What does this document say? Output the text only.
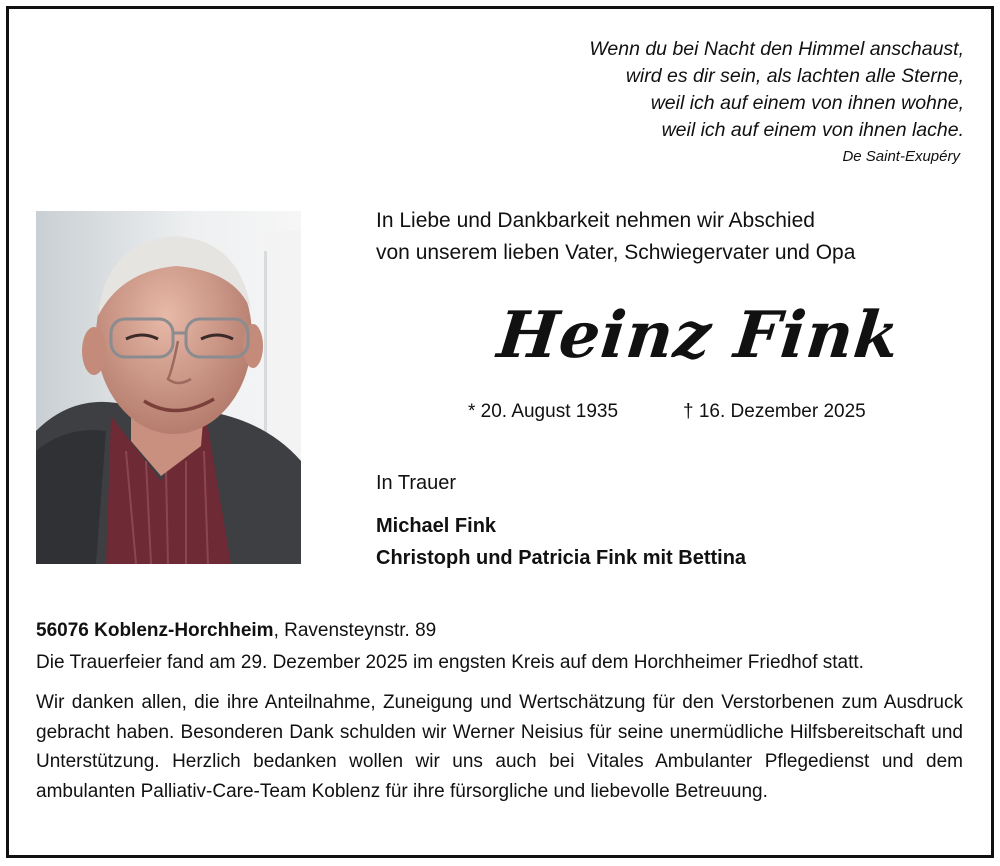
Wenn du bei Nacht den Himmel anschaust,
wird es dir sein, als lachten alle Sterne,
weil ich auf einem von ihnen wohne,
weil ich auf einem von ihnen lache.
De Saint-Exupéry
In Liebe und Dankbarkeit nehmen wir Abschied
von unserem lieben Vater, Schwiegervater und Opa
Heinz Fink
* 20. August 1935	† 16. Dezember 2025
In Trauer
Michael Fink
Christoph und Patricia Fink mit Bettina
56076 Koblenz-Horchheim, Ravensteynstr. 89
Die Trauerfeier fand am 29. Dezember 2025 im engsten Kreis auf dem Horchheimer Friedhof statt.
Wir danken allen, die ihre Anteilnahme, Zuneigung und Wertschätzung für den Verstorbenen zum Ausdruck gebracht haben. Besonderen Dank schulden wir Werner Neisius für seine unermüdliche Hilfsbereitschaft und Unterstützung. Herzlich bedanken wollen wir uns auch bei Vitales Ambulanter Pflegedienst und dem ambulanten Palliativ-Care-Team Koblenz für ihre fürsorgliche und liebevolle Betreuung.
